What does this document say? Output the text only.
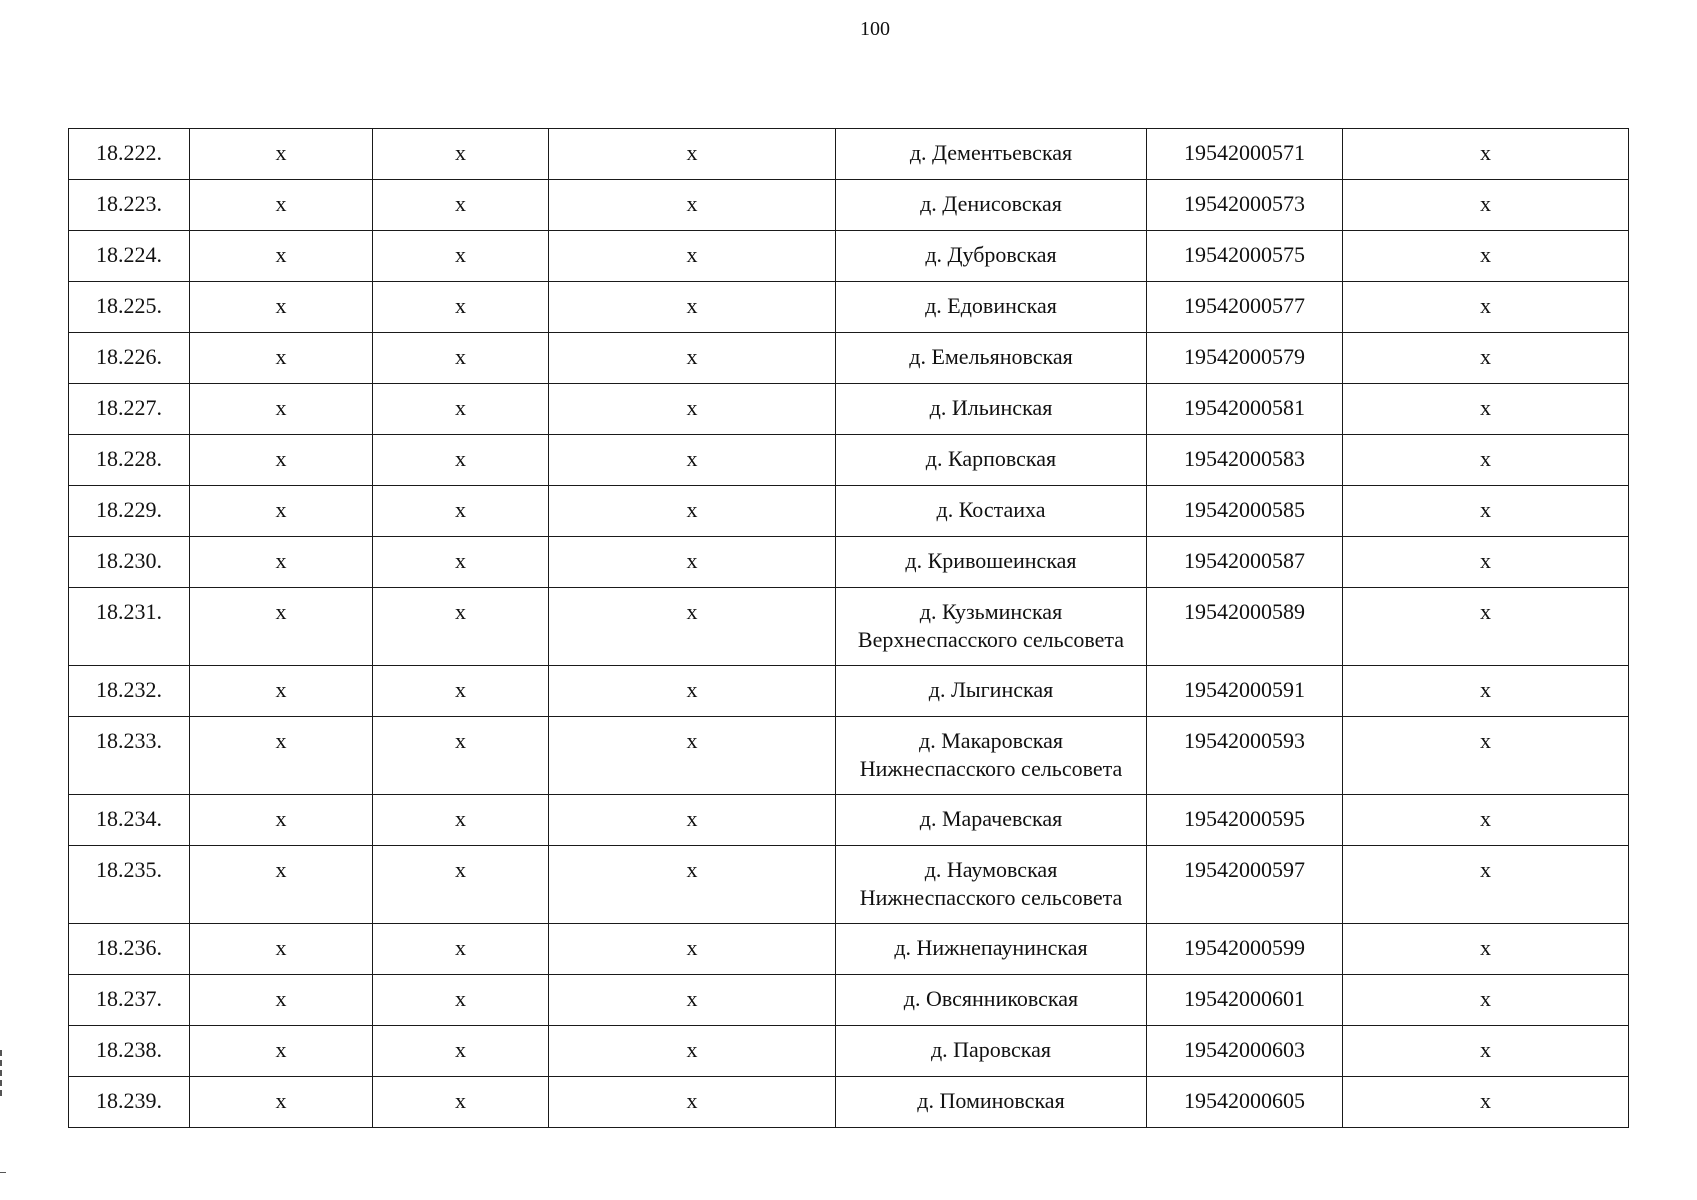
100
18.222.	х	х	х	д. Дементьевская	19542000571	х
18.223.	х	х	х	д. Денисовская	19542000573	х
18.224.	х	х	х	д. Дубровская	19542000575	х
18.225.	х	х	х	д. Едовинская	19542000577	х
18.226.	х	х	х	д. Емельяновская	19542000579	х
18.227.	х	х	х	д. Ильинская	19542000581	х
18.228.	х	х	х	д. Карповская	19542000583	х
18.229.	х	х	х	д. Костаиха	19542000585	х
18.230.	х	х	х	д. Кривошеинская	19542000587	х
18.231.	х	х	х	д. Кузьминская
Верхнеспасского сельсовета	19542000589	х
18.232.	х	х	х	д. Лыгинская	19542000591	х
18.233.	х	х	х	д. Макаровская
Нижнеспасского сельсовета	19542000593	х
18.234.	х	х	х	д. Марачевская	19542000595	х
18.235.	х	х	х	д. Наумовская
Нижнеспасского сельсовета	19542000597	х
18.236.	х	х	х	д. Нижнепаунинская	19542000599	х
18.237.	х	х	х	д. Овсянниковская	19542000601	х
18.238.	х	х	х	д. Паровская	19542000603	х
18.239.	х	х	х	д. Поминовская	19542000605	х
